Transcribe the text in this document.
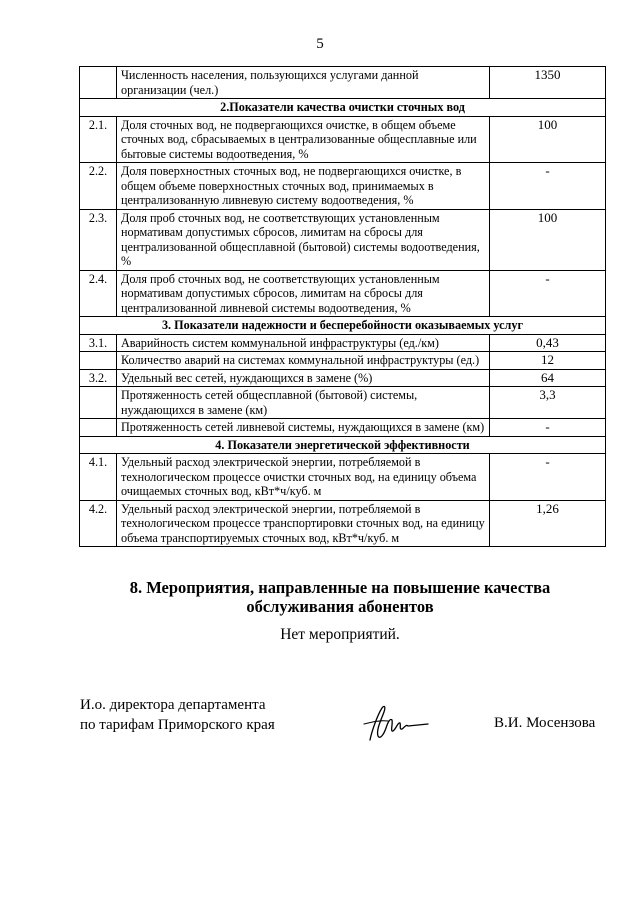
5
	Численность населения, пользующихся услугами данной организации (чел.)	1350
2.Показатели качества очистки сточных вод		
2.1.	Доля сточных вод, не подвергающихся очистке, в общем объеме сточных вод, сбрасываемых в централизованные общесплавные или бытовые системы водоотведения, %	100
2.2.	Доля поверхностных сточных вод, не подвергающихся очистке, в общем объеме поверхностных сточных вод, принимаемых в централизованную ливневую систему водоотведения, %	-
2.3.	Доля проб сточных вод, не соответствующих установленным нормативам допустимых сбросов, лимитам на сбросы для централизованной общесплавной (бытовой) системы водоотведения, %	100
2.4.	Доля проб сточных вод, не соответствующих установленным нормативам допустимых сбросов, лимитам на сбросы для централизованной ливневой системы водоотведения, %	-
3. Показатели надежности и бесперебойности оказываемых услуг		
3.1.	Аварийность систем коммунальной инфраструктуры (ед./км)	0,43
	Количество аварий на системах коммунальной инфраструктуры (ед.)	12
3.2.	Удельный вес сетей, нуждающихся в замене (%)	64
	Протяженность сетей общесплавной (бытовой) системы, нуждающихся в замене (км)	3,3
	Протяженность сетей ливневой системы, нуждающихся в замене (км)	-
4. Показатели энергетической эффективности		
4.1.	Удельный расход электрической энергии, потребляемой в технологическом процессе очистки сточных вод, на единицу объема очищаемых сточных вод, кВт*ч/куб. м	-
4.2.	Удельный расход электрической энергии, потребляемой в технологическом процессе транспортировки сточных вод, на единицу объема транспортируемых сточных вод, кВт*ч/куб. м	1,26
8. Мероприятия, направленные на повышение качества
обслуживания абонентов
Нет мероприятий.
И.о. директора департамента
по тарифам Приморского края	В.И. Мосензова
